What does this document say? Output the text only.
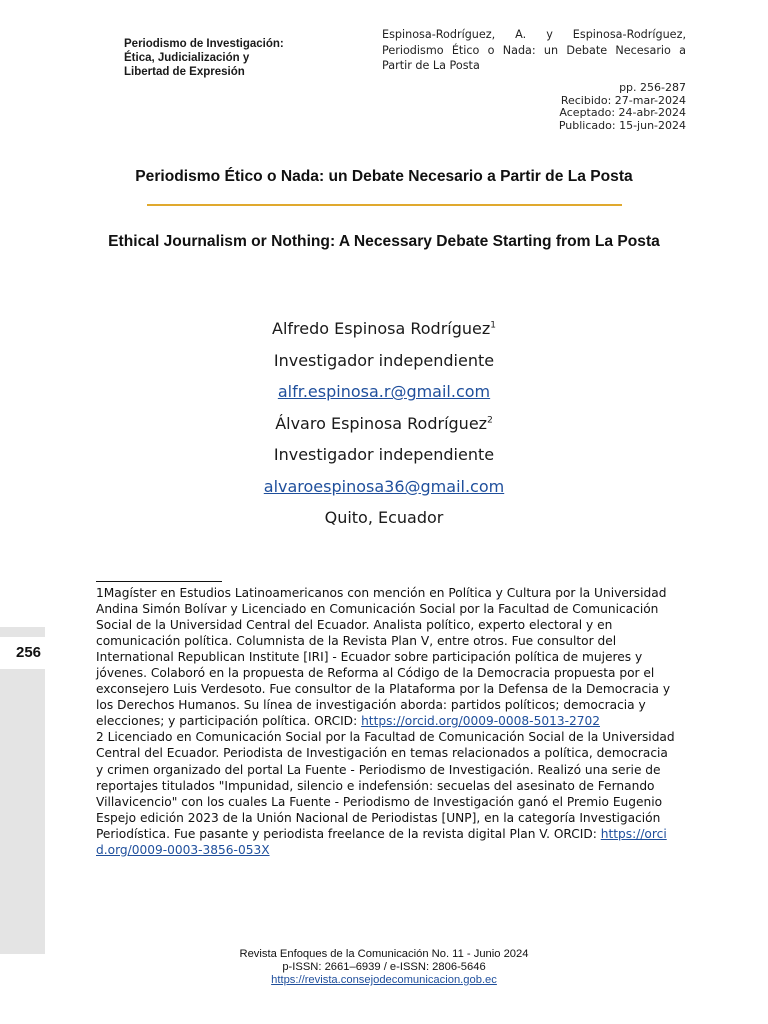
Periodismo de Investigación:
Ética, Judicialización y
Libertad de Expresión
Espinosa-Rodríguez, A. y Espinosa-Rodríguez, Periodismo Ético o Nada: un Debate Necesario a Partir de La Posta
pp. 256-287
Recibido: 27-mar-2024
Aceptado: 24-abr-2024
Publicado: 15-jun-2024
Periodismo Ético o Nada: un Debate Necesario a Partir de La Posta
Ethical Journalism or Nothing: A Necessary Debate Starting from La Posta
Alfredo Espinosa Rodríguez$^1$
Investigador independiente
alfr.espinosa.r@gmail.com
Álvaro Espinosa Rodríguez$^2$
Investigador independiente
alvaroespinosa36@gmail.com
Quito, Ecuador
256

1Magíster en Estudios Latinoamericanos con mención en Política y Cultura por la Universidad Andina Simón Bolívar y Licenciado en Comunicación Social por la Facultad de Comunicación Social de la Universidad Central del Ecuador. Analista político, experto electoral y en comunicación política. Columnista de la Revista Plan V, entre otros. Fue consultor del International Republican Institute [IRI] - Ecuador sobre participación política de mujeres y jóvenes. Colaboró en la propuesta de Reforma al Código de la Democracia propuesta por el exconsejero Luis Verdesoto. Fue consultor de la Plataforma por la Defensa de la Democracia y los Derechos Humanos. Su línea de investigación aborda: partidos políticos; democracia y elecciones; y participación política. ORCID: https://orcid.org/0009-0008-5013-2702

2 Licenciado en Comunicación Social por la Facultad de Comunicación Social de la Universidad Central del Ecuador. Periodista de Investigación en temas relacionados a política, democracia y crimen organizado del portal La Fuente - Periodismo de Investigación. Realizó una serie de reportajes titulados "Impunidad, silencio e indefensión: secuelas del asesinato de Fernando Villavicencio" con los cuales La Fuente - Periodismo de Investigación ganó el Premio Eugenio Espejo edición 2023 de la Unión Nacional de Periodistas [UNP], en la categoría Investigación Periodística. Fue pasante y periodista freelance de la revista digital Plan V. ORCID: https://orcid.org/0009-0003-3856-053X

Revista Enfoques de la Comunicación No. 11 - Junio 2024
p-ISSN: 2661–6939 / e-ISSN: 2806-5646
https://revista.consejodecomunicacion.gob.ec
